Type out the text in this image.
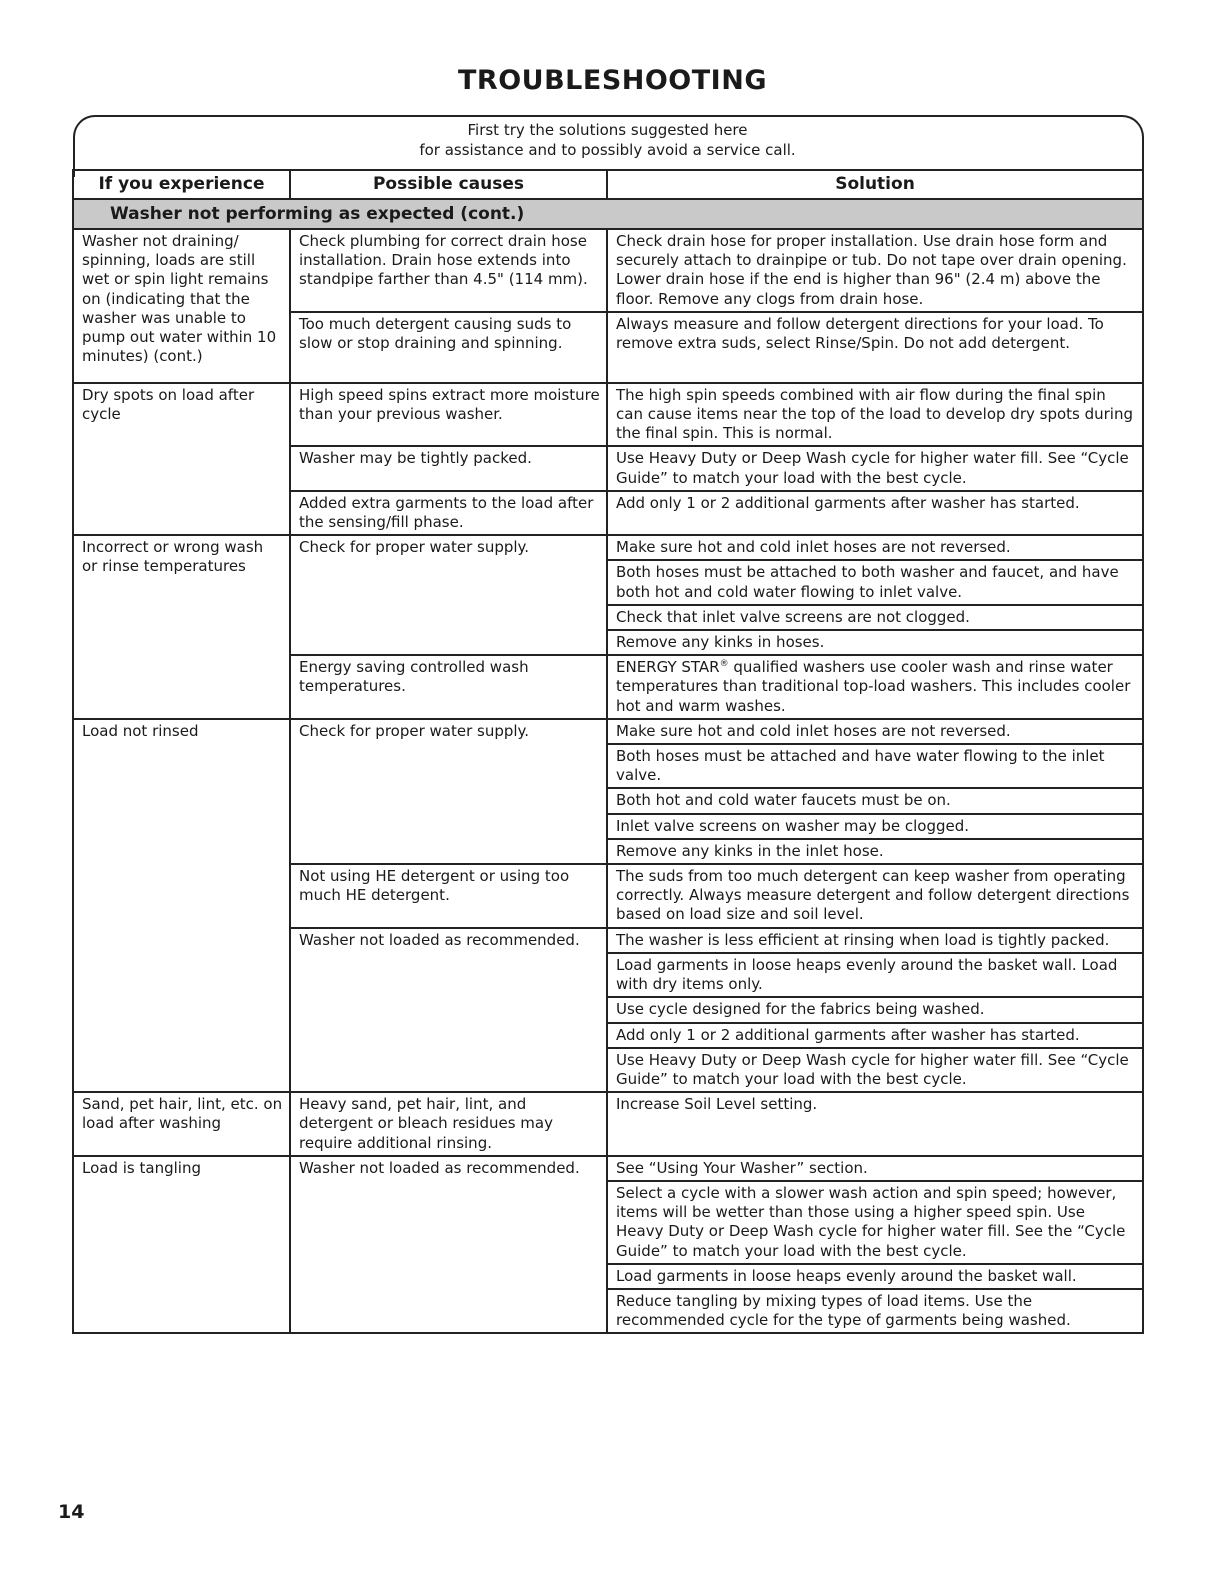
TROUBLESHOOTING
First try the solutions suggested here
for assistance and to possibly avoid a service call.
If you experience	Possible causes	Solution
Washer not performing as expected (cont.)		
Washer not draining/ spinning, loads are still wet or spin light remains on (indicating that the washer was unable to pump out water within 10 minutes) (cont.)	Check plumbing for correct drain hose installation. Drain hose extends into standpipe farther than 4.5" (114 mm).	Check drain hose for proper installation. Use drain hose form and securely attach to drainpipe or tub. Do not tape over drain opening. Lower drain hose if the end is higher than 96" (2.4 m) above the floor. Remove any clogs from drain hose.
	Too much detergent causing suds to slow or stop draining and spinning.	Always measure and follow detergent directions for your load. To remove extra suds, select Rinse/Spin. Do not add detergent.
Dry spots on load after cycle	High speed spins extract more moisture than your previous washer.	The high spin speeds combined with air flow during the final spin can cause items near the top of the load to develop dry spots during the final spin. This is normal.
	Washer may be tightly packed.	Use Heavy Duty or Deep Wash cycle for higher water fill. See “Cycle Guide” to match your load with the best cycle.
	Added extra garments to the load after the sensing/fill phase.	Add only 1 or 2 additional garments after washer has started.
Incorrect or wrong wash or rinse temperatures	Check for proper water supply.	Make sure hot and cold inlet hoses are not reversed.
		Both hoses must be attached to both washer and faucet, and have both hot and cold water flowing to inlet valve.
		Check that inlet valve screens are not clogged.
		Remove any kinks in hoses.
	Energy saving controlled wash temperatures.	ENERGY STAR® qualified washers use cooler wash and rinse water temperatures than traditional top-load washers. This includes cooler hot and warm washes.
Load not rinsed	Check for proper water supply.	Make sure hot and cold inlet hoses are not reversed.
		Both hoses must be attached and have water flowing to the inlet valve.
		Both hot and cold water faucets must be on.
		Inlet valve screens on washer may be clogged.
		Remove any kinks in the inlet hose.
	Not using HE detergent or using too much HE detergent.	The suds from too much detergent can keep washer from operating correctly. Always measure detergent and follow detergent directions based on load size and soil level.
	Washer not loaded as recommended.	The washer is less efficient at rinsing when load is tightly packed.
		Load garments in loose heaps evenly around the basket wall. Load with dry items only.
		Use cycle designed for the fabrics being washed.
		Add only 1 or 2 additional garments after washer has started.
		Use Heavy Duty or Deep Wash cycle for higher water fill. See “Cycle Guide” to match your load with the best cycle.
Sand, pet hair, lint, etc. on load after washing	Heavy sand, pet hair, lint, and detergent or bleach residues may require additional rinsing.	Increase Soil Level setting.
Load is tangling	Washer not loaded as recommended.	See “Using Your Washer” section.
		Select a cycle with a slower wash action and spin speed; however, items will be wetter than those using a higher speed spin. Use Heavy Duty or Deep Wash cycle for higher water fill. See the “Cycle Guide” to match your load with the best cycle.
		Load garments in loose heaps evenly around the basket wall.
		Reduce tangling by mixing types of load items. Use the recommended cycle for the type of garments being washed.
14
